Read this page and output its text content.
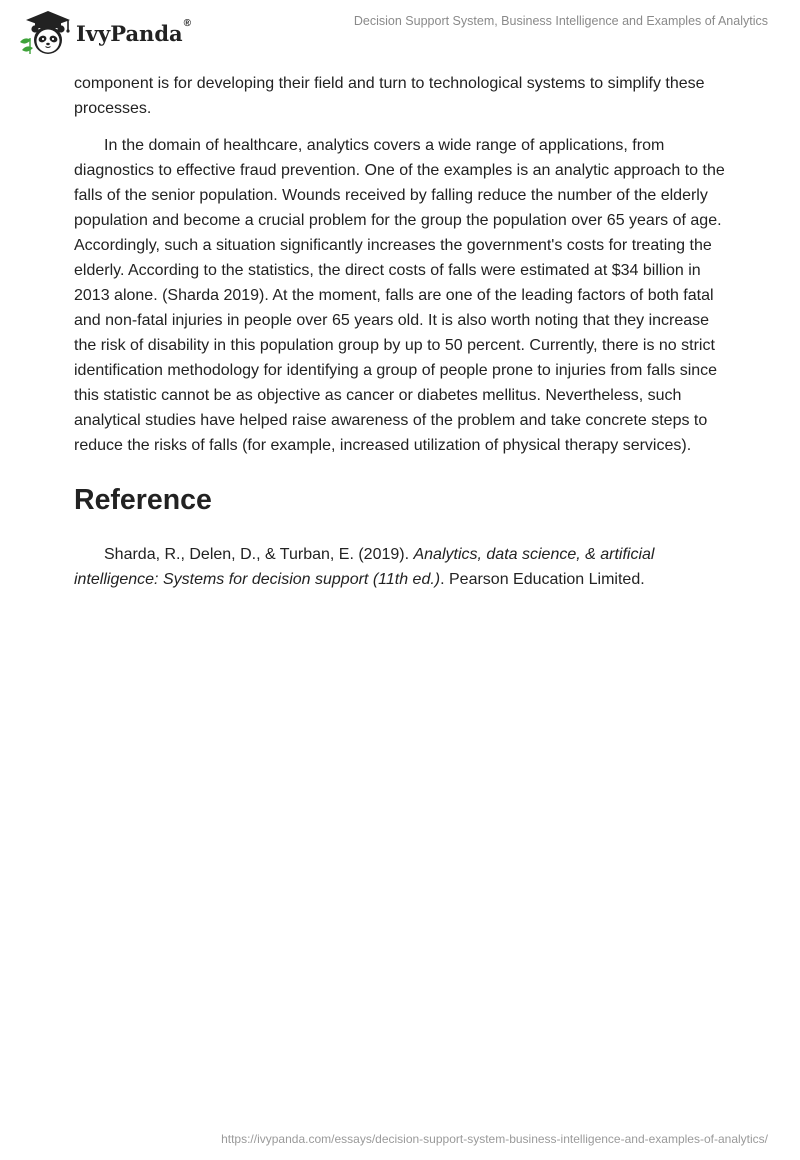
IvyPanda®	Decision Support System, Business Intelligence and Examples of Analytics

component is for developing their field and turn to technological systems to simplify these processes.

In the domain of healthcare, analytics covers a wide range of applications, from diagnostics to effective fraud prevention. One of the examples is an analytic approach to the falls of the senior population. Wounds received by falling reduce the number of the elderly population and become a crucial problem for the group the population over 65 years of age. Accordingly, such a situation significantly increases the government's costs for treating the elderly. According to the statistics, the direct costs of falls were estimated at $34 billion in 2013 alone. (Sharda 2019). At the moment, falls are one of the leading factors of both fatal and non-fatal injuries in people over 65 years old. It is also worth noting that they increase the risk of disability in this population group by up to 50 percent. Currently, there is no strict identification methodology for identifying a group of people prone to injuries from falls since this statistic cannot be as objective as cancer or diabetes mellitus. Nevertheless, such analytical studies have helped raise awareness of the problem and take concrete steps to reduce the risks of falls (for example, increased utilization of physical therapy services).

Reference

Sharda, R., Delen, D., & Turban, E. (2019). Analytics, data science, & artificial intelligence: Systems for decision support (11th ed.). Pearson Education Limited.

https://ivypanda.com/essays/decision-support-system-business-intelligence-and-examples-of-analytics/
